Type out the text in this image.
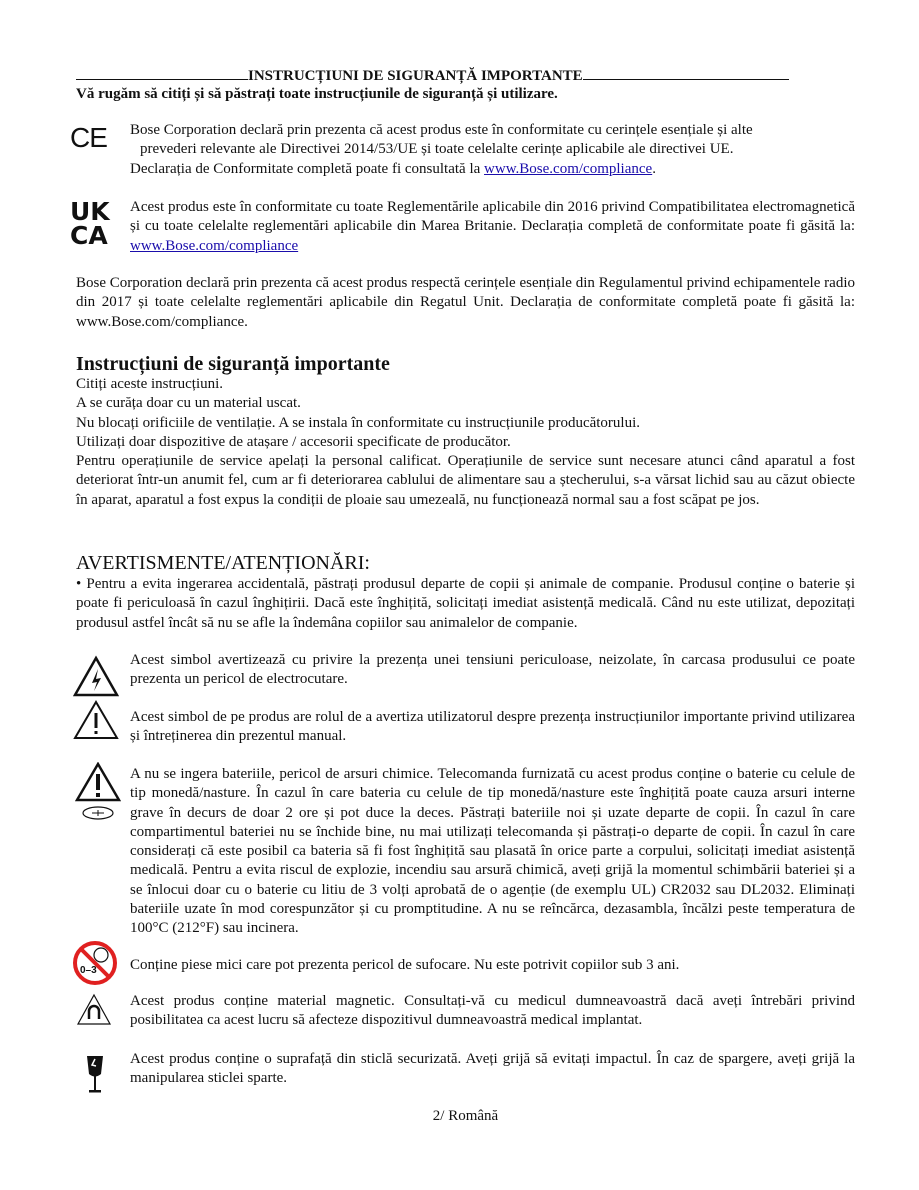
INSTRUCȚIUNI DE SIGURANȚĂ IMPORTANTE

Vă rugăm să citiți și să păstrați toate instrucțiunile de siguranță și utilizare.

CE Bose Corporation declară prin prezenta că acest produs este în conformitate cu cerințele esențiale și alte

prevederi relevante ale Directivei 2014/53/UE și toate celelalte cerințe aplicabile ale directivei UE.

Declarația de Conformitate completă poate fi consultată la www.Bose.com/compliance.

UK
CA

Acest produs este în conformitate cu toate Reglementările aplicabile din 2016 privind Compatibilitatea electromagnetică și cu toate celelalte reglementări aplicabile din Marea Britanie. Declarația completă de conformitate poate fi găsită la: www.Bose.com/compliance

Bose Corporation declară prin prezenta că acest produs respectă cerințele esențiale din Regulamentul privind echipamentele radio din 2017 și toate celelalte reglementări aplicabile din Regatul Unit. Declarația de conformitate completă poate fi găsită la: www.Bose.com/compliance.

Instrucțiuni de siguranță importante

Citiți aceste instrucțiuni.

A se curăța doar cu un material uscat.

Nu blocați orificiile de ventilație. A se instala în conformitate cu instrucțiunile producătorului.

Utilizați doar dispozitive de atașare / accesorii specificate de producător.

Pentru operațiunile de service apelați la personal calificat. Operațiunile de service sunt necesare atunci când aparatul a fost deteriorat într-un anumit fel, cum ar fi deteriorarea cablului de alimentare sau a ștecherului, s-a vărsat lichid sau au căzut obiecte în aparat, aparatul a fost expus la condiții de ploaie sau umezeală, nu funcționează normal sau a fost scăpat pe jos.

AVERTISMENTE/ATENȚIONĂRI:

• Pentru a evita ingerarea accidentală, păstrați produsul departe de copii și animale de companie. Produsul conține o baterie și poate fi periculoasă în cazul înghițirii. Dacă este înghițită, solicitați imediat asistență medicală. Când nu este utilizat, depozitați produsul astfel încât să nu se afle la îndemâna copiilor sau animalelor de companie.

Acest simbol avertizează cu privire la prezența unei tensiuni periculoase, neizolate, în carcasa produsului ce poate prezenta un pericol de electrocutare.

Acest simbol de pe produs are rolul de a avertiza utilizatorul despre prezența instrucțiunilor importante privind utilizarea și întreținerea din prezentul manual.

A nu se ingera bateriile, pericol de arsuri chimice. Telecomanda furnizată cu acest produs conține o baterie cu celule de tip monedă/nasture. În cazul în care bateria cu celule de tip monedă/nasture este înghițită poate cauza arsuri interne grave în decurs de doar 2 ore și pot duce la deces. Păstrați bateriile noi și uzate departe de copii. În cazul în care compartimentul bateriei nu se închide bine, nu mai utilizați telecomanda și păstrați-o departe de copii. În cazul în care considerați că este posibil ca bateria să fi fost înghițită sau plasată în orice parte a corpului, solicitați imediat asistență medicală. Pentru a evita riscul de explozie, incendiu sau arsură chimică, aveți grijă la momentul schimbării bateriei și a se înlocui doar cu o baterie cu litiu de 3 volți aprobată de o agenție (de exemplu UL) CR2032 sau DL2032. Eliminați bateriile uzate în mod corespunzător și cu promptitudine. A nu se reîncărca, dezasambla, încălzi peste temperatura de 100°C (212°F) sau incinera.

0–3 Conține piese mici care pot prezenta pericol de sufocare. Nu este potrivit copiilor sub 3 ani.

Acest produs conține material magnetic. Consultați-vă cu medicul dumneavoastră dacă aveți întrebări privind posibilitatea ca acest lucru să afecteze dispozitivul dumneavoastră medical implantat.

Acest produs conține o suprafață din sticlă securizată. Aveți grijă să evitați impactul. În caz de spargere, aveți grijă la manipularea sticlei sparte.

2/ Română
